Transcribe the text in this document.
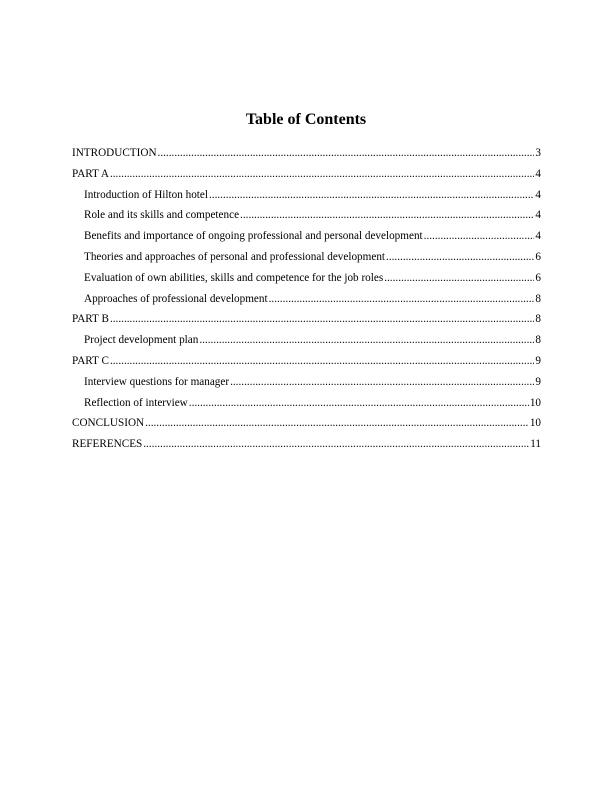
Table of Contents
INTRODUCTION .....	3
PART A .....	4
Introduction of Hilton hotel .....	4
Role and its skills and competence .....	4
Benefits and importance of ongoing professional and personal development .....	4
Theories and approaches of personal and professional development .....	6
Evaluation of own abilities, skills and competence for the job roles .....	6
Approaches of professional development .....	8
PART B .....	8
Project development plan .....	8
PART C .....	9
Interview questions for manager .....	9
Reflection of interview .....	10
CONCLUSION .....	10
REFERENCES .....	11
